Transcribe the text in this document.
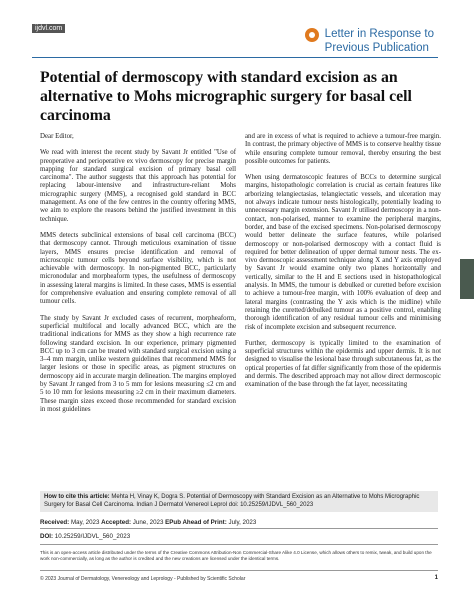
ijdvl.com	Letter in Response to
Previous Publication
Potential of dermoscopy with standard excision as an alternative to Mohs micrographic surgery for basal cell carcinoma

Dear Editor,

We read with interest the recent study by Savant Jr entitled "Use of preoperative and perioperative ex vivo dermoscopy for precise margin mapping for standard surgical excision of primary basal cell carcinoma". The author suggests that this approach has potential for replacing labour-intensive and infrastructure-reliant Mohs micrographic surgery (MMS), a recognised gold standard in BCC management. As one of the few centres in the country offering MMS, we aim to explore the reasons behind the justified investment in this technique.

MMS detects subclinical extensions of basal cell carcinoma (BCC) that dermoscopy cannot. Through meticulous examination of tissue layers, MMS ensures precise identification and removal of microscopic tumour cells beyond surface visibility, which is not achievable with dermoscopy. In non-pigmented BCC, particularly micronodular and morpheaform types, the usefulness of dermoscopy in assessing lateral margins is limited. In these cases, MMS is essential for comprehensive evaluation and ensuring complete removal of all tumour cells.

The study by Savant Jr excluded cases of recurrent, morpheaform, superficial multifocal and locally advanced BCC, which are the traditional indications for MMS as they show a high recurrence rate following standard excision. In our experience, primary pigmented BCC up to 3 cm can be treated with standard surgical excision using a 3–4 mm margin, unlike western guidelines that recommend MMS for larger lesions or those in specific areas, as pigment structures on dermoscopy aid in accurate margin delineation. The margins employed by Savant Jr ranged from 3 to 5 mm for lesions measuring ≤2 cm and 5 to 10 mm for lesions measuring ≥2 cm in their maximum diameters. These margin sizes exceed those recommended for standard excision in most guidelines

and are in excess of what is required to achieve a tumour-free margin. In contrast, the primary objective of MMS is to conserve healthy tissue while ensuring complete tumour removal, thereby ensuring the best possible outcomes for patients.

When using dermatoscopic features of BCCs to determine surgical margins, histopathologic correlation is crucial as certain features like arborizing telangiectasias, telangiectatic vessels, and ulceration may not always indicate tumour nests histologically, potentially leading to unnecessary margin extension. Savant Jr utilised dermoscopy in a non-contact, non-polarised, manner to examine the peripheral margins, border, and base of the excised specimens. Non-polarised dermoscopy would better delineate the surface features, while polarised dermoscopy or non-polarised dermoscopy with a contact fluid is required for better delineation of upper dermal tumour nests. The ex-vivo dermoscopic assessment technique along X and Y axis employed by Savant Jr would examine only two planes horizontally and vertically, similar to the H and E sections used in histopathological analysis. In MMS, the tumour is debulked or curetted before excision to achieve a tumour-free margin, with 100% evaluation of deep and lateral margins (contrasting the Y axis which is the midline) while retaining the curetted/debulked tumour as a positive control, enabling thorough identification of any residual tumour cells and minimising risk of incomplete excision and subsequent recurrence.

Further, dermoscopy is typically limited to the examination of superficial structures within the epidermis and upper dermis. It is not designed to visualise the lesional base through subcutaneous fat, as the optical properties of fat differ significantly from those of the epidermis and dermis. The described approach may not allow direct dermoscopic examination of the base through the fat layer, necessitating

How to cite this article: Mehta H, Vinay K, Dogra S. Potential of Dermoscopy with Standard Excision as an Alternative to Mohs Micrographic Surgery for Basal Cell Carcinoma. Indian J Dermatol Venereol Leprol doi: 10.25259/IJDVL_560_2023
Received: May, 2023 Accepted: June, 2023 EPub Ahead of Print: July, 2023
DOI: 10.25259/IJDVL_560_2023
This is an open-access article distributed under the terms of the Creative Commons Attribution-Non Commercial-Share Alike 4.0 License, which allows others to remix, tweak, and build upon the work non-commercially, as long as the author is credited and the new creations are licensed under the identical terms.
© 2023 Journal of Dermatology, Venereology and Leprology - Published by Scientific Scholar	1
